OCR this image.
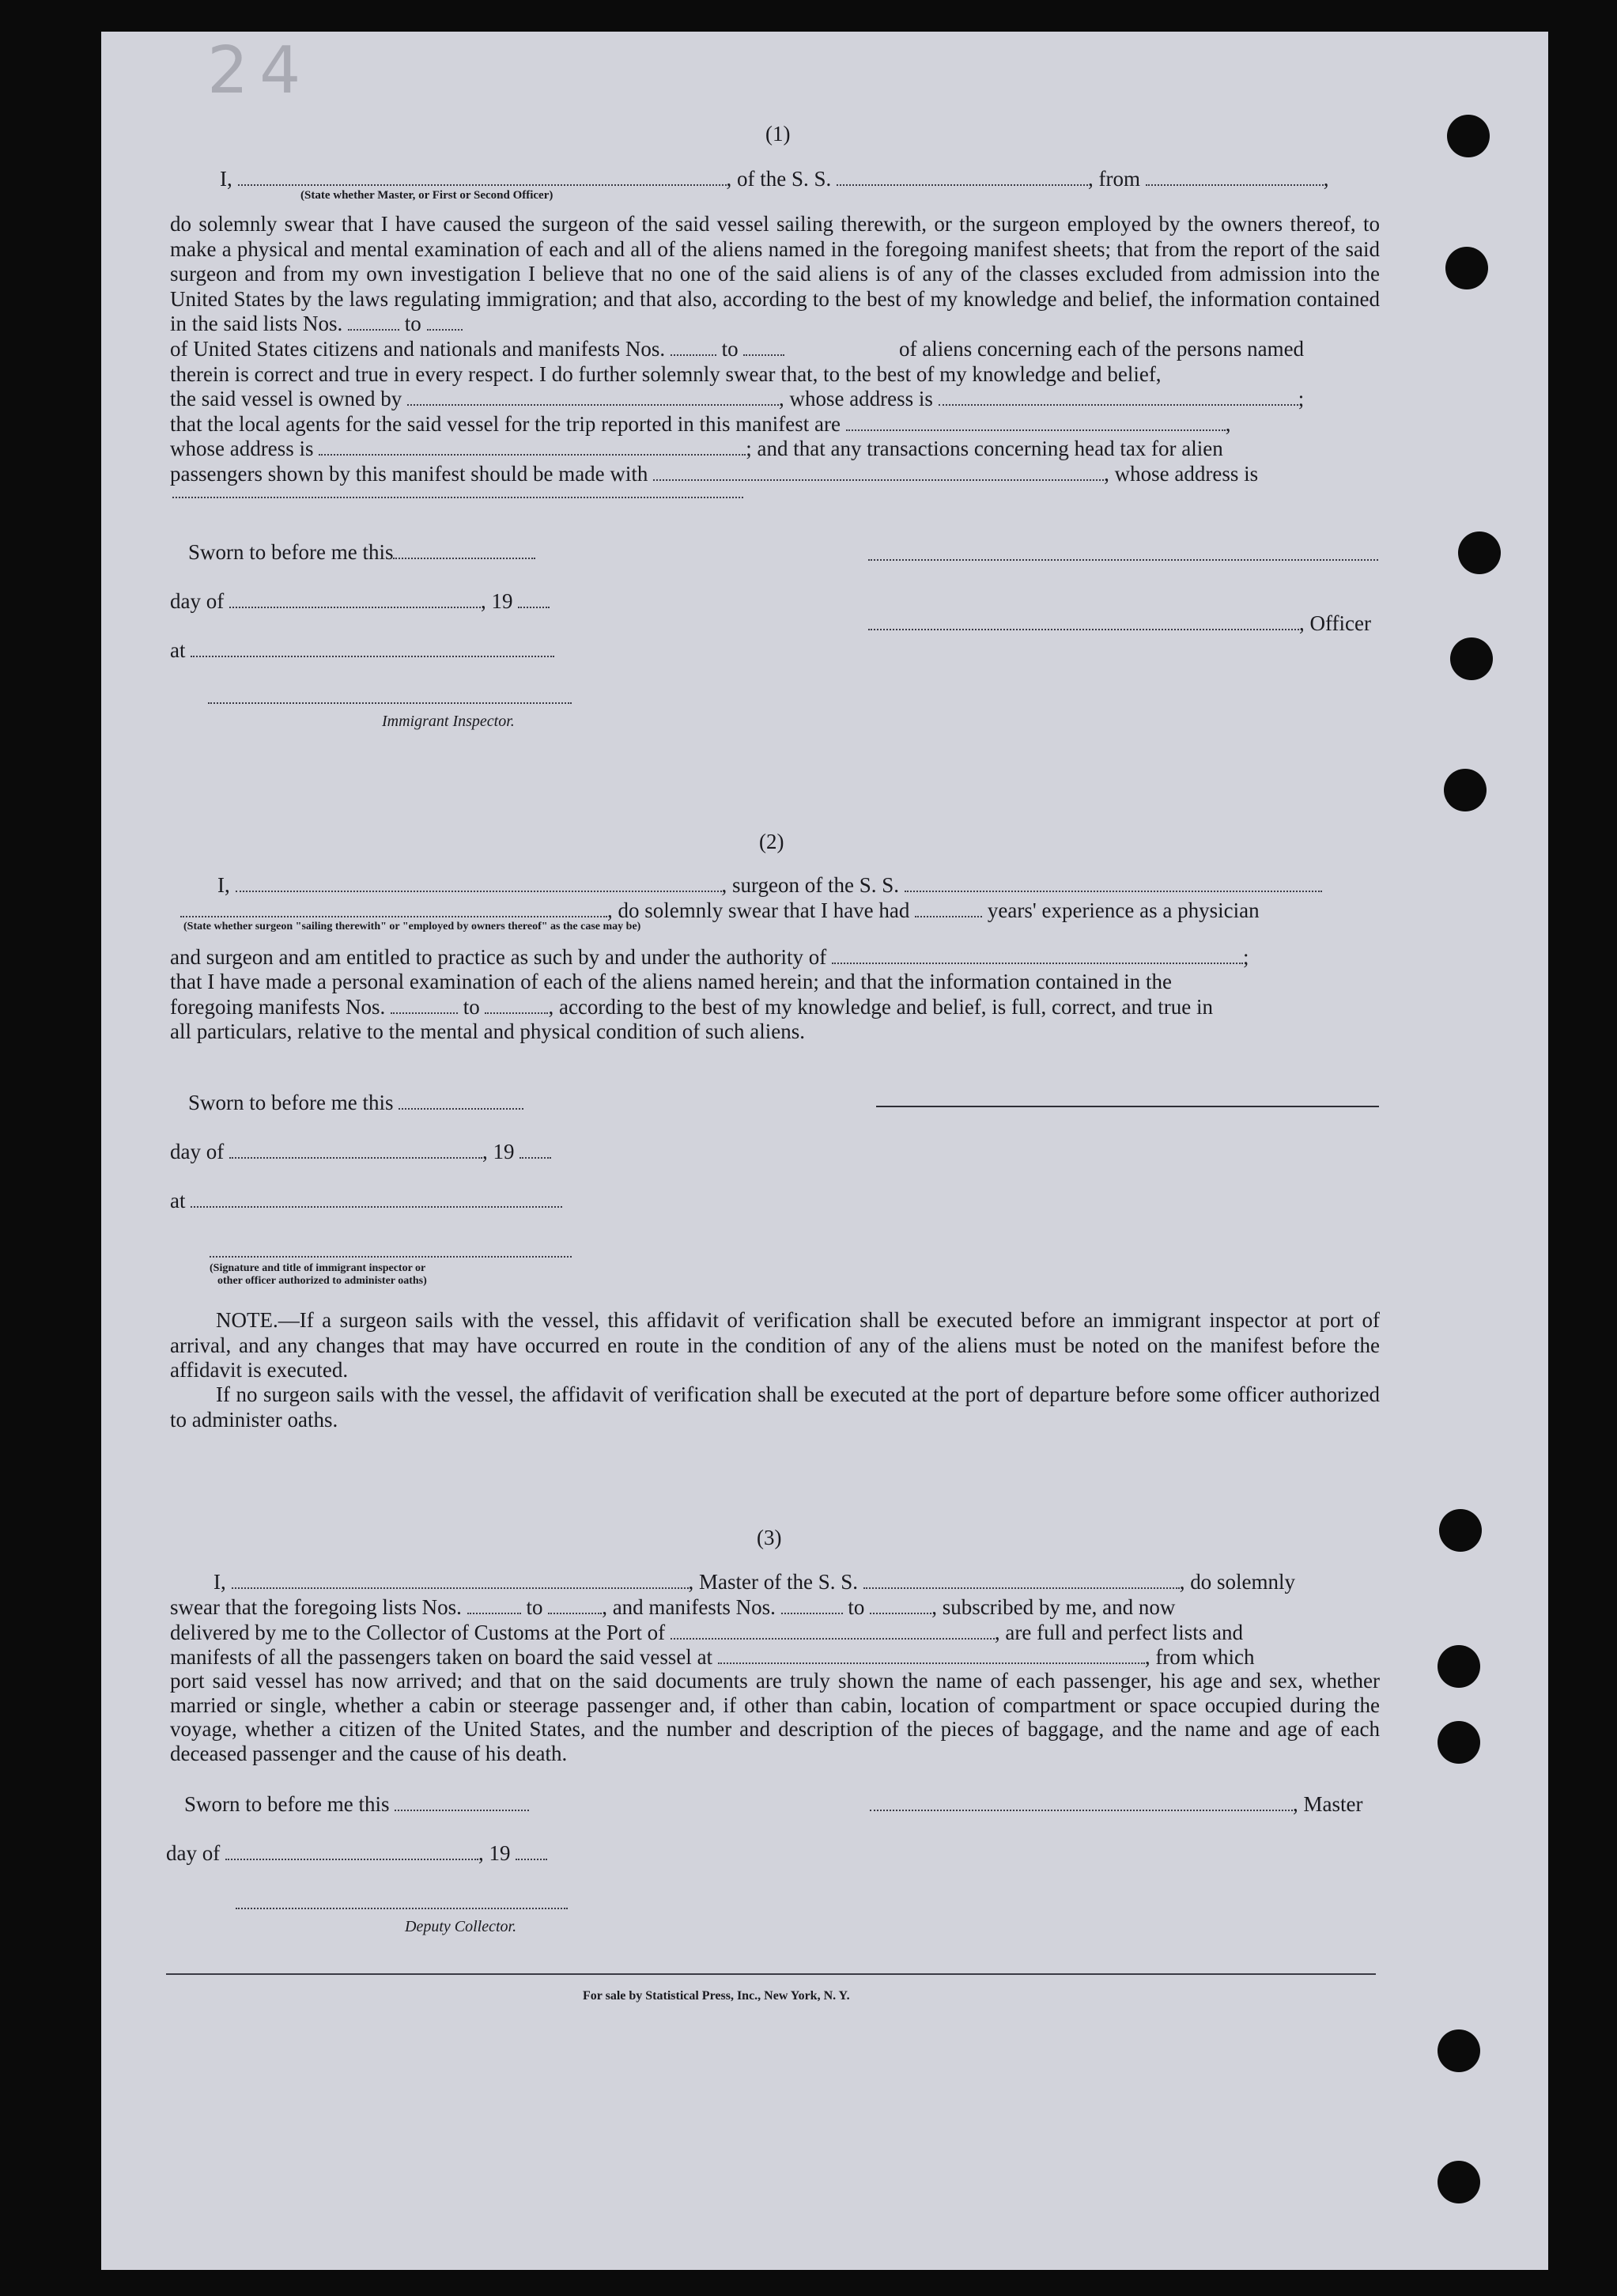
24
(1)
I,	, of the S. S.	, from	,
(State whether Master, or First or Second Officer)
do solemnly swear that I have caused the surgeon of the said vessel sailing therewith, or the surgeon employed by the owners thereof, to make a physical and mental examination of each and all of the aliens named in the foregoing manifest sheets; that from the report of the said surgeon and from my own investigation I believe that no one of the said aliens is of any of the classes excluded from admission into the United States by the laws regulating immigration; and that also, according to the best of my knowledge and belief, the information contained in the said lists Nos.	to
of United States citizens and nationals and manifests Nos.	to	of aliens concerning each of the persons named
therein is correct and true in every respect. I do further solemnly swear that, to the best of my knowledge and belief,
the said vessel is owned by	, whose address is	;
that the local agents for the said vessel for the trip reported in this manifest are	,
whose address is	; and that any transactions concerning head tax for alien
passengers shown by this manifest should be made with	, whose address is
Sworn to before me this
day of	, 19
at
Immigrant Inspector.
, Officer
(2)
I,	, surgeon of the S. S.
, do solemnly swear that I have had	years' experience as a physician
(State whether surgeon "sailing therewith" or "employed by owners thereof" as the case may be)
and surgeon and am entitled to practice as such by and under the authority of	;
that I have made a personal examination of each of the aliens named herein; and that the information contained in the
foregoing manifests Nos.	to	, according to the best of my knowledge and belief, is full, correct, and true in
all particulars, relative to the mental and physical condition of such aliens.
Sworn to before me this
day of	, 19
at
(Signature and title of immigrant inspector or
other officer authorized to administer oaths)
NOTE.—If a surgeon sails with the vessel, this affidavit of verification shall be executed before an immigrant inspector at port of arrival, and any changes that may have occurred en route in the condition of any of the aliens must be noted on the manifest before the affidavit is executed.
If no surgeon sails with the vessel, the affidavit of verification shall be executed at the port of departure before some officer authorized to administer oaths.
(3)
I,	, Master of the S. S.	, do solemnly
swear that the foregoing lists Nos.	to	, and manifests Nos.	to	, subscribed by me, and now
delivered by me to the Collector of Customs at the Port of	, are full and perfect lists and
manifests of all the passengers taken on board the said vessel at	, from which
port said vessel has now arrived; and that on the said documents are truly shown the name of each passenger, his age and sex, whether married or single, whether a cabin or steerage passenger and, if other than cabin, location of compartment or space occupied during the voyage, whether a citizen of the United States, and the number and description of the pieces of baggage, and the name and age of each deceased passenger and the cause of his death.
Sworn to before me this	, Master
day of	, 19
Deputy Collector.
For sale by Statistical Press, Inc., New York, N. Y.
